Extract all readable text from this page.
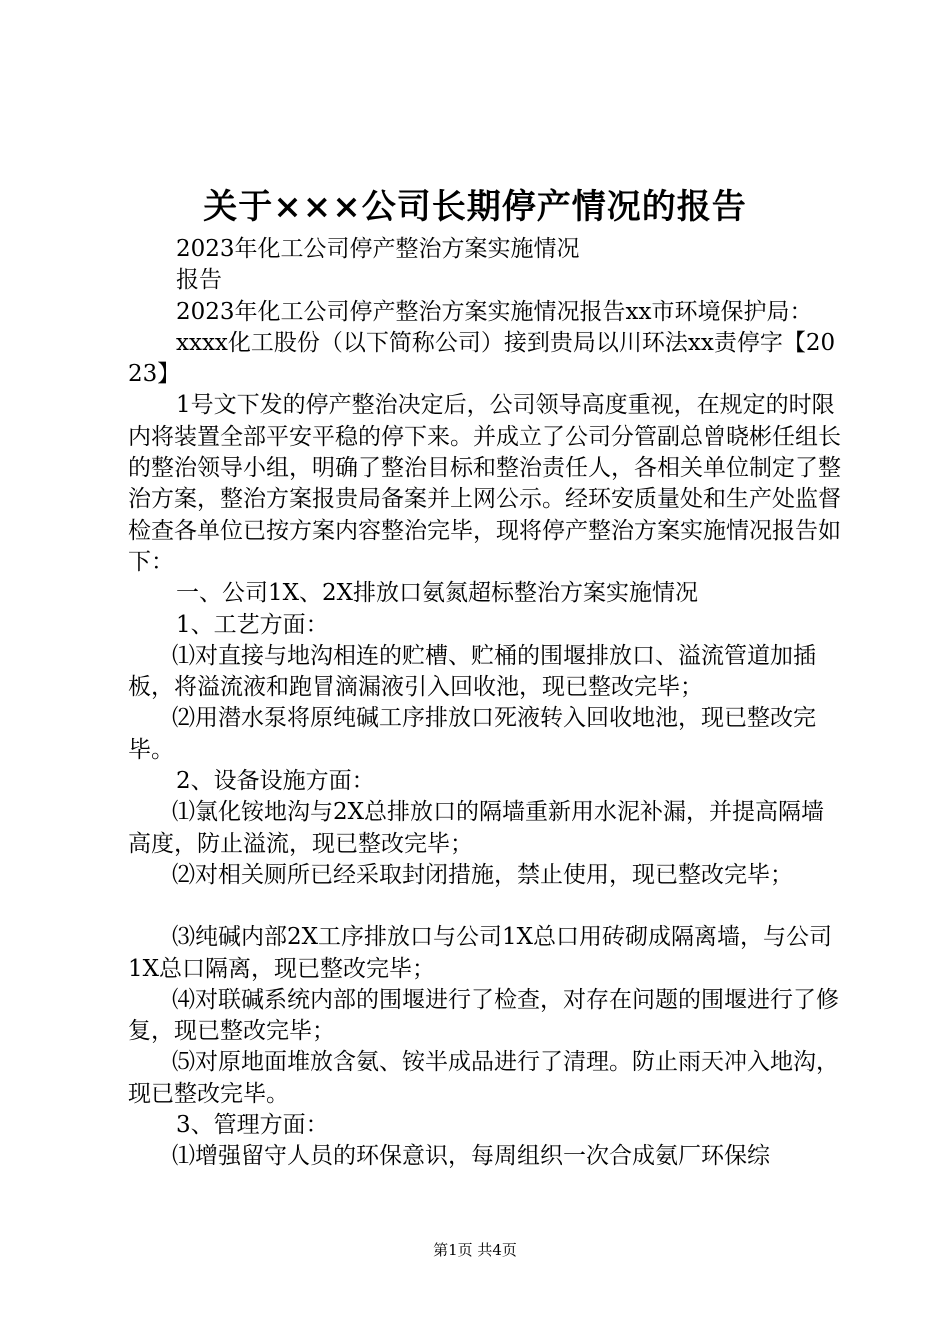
关于×××公司长期停产情况的报告

2023年化工公司停产整治方案实施情况

报告

2023年化工公司停产整治方案实施情况报告xx市环境保护局：

xxxx化工股份（以下简称公司）接到贵局以川环法xx责停字【2023】

1号文下发的停产整治决定后，公司领导高度重视，在规定的时限内将装置全部平安平稳的停下来。并成立了公司分管副总曾晓彬任组长的整治领导小组，明确了整治目标和整治责任人，各相关单位制定了整治方案，整治方案报贵局备案并上网公示。经环安质量处和生产处监督检查各单位已按方案内容整治完毕，现将停产整治方案实施情况报告如下：

一、公司1X、2X排放口氨氮超标整治方案实施情况

1、工艺方面：

⑴对直接与地沟相连的贮槽、贮桶的围堰排放口、溢流管道加插板，将溢流液和跑冒滴漏液引入回收池，现已整改完毕；

⑵用潜水泵将原纯碱工序排放口死液转入回收地池，现已整改完毕。

2、设备设施方面：

⑴氯化铵地沟与2X总排放口的隔墙重新用水泥补漏，并提高隔墙高度，防止溢流，现已整改完毕；

⑵对相关厕所已经采取封闭措施，禁止使用，现已整改完毕；

⑶纯碱内部2X工序排放口与公司1X总口用砖砌成隔离墙，与公司1X总口隔离，现已整改完毕；

⑷对联碱系统内部的围堰进行了检查，对存在问题的围堰进行了修复，现已整改完毕；

⑸对原地面堆放含氨、铵半成品进行了清理。防止雨天冲入地沟，现已整改完毕。

3、管理方面：

⑴增强留守人员的环保意识，每周组织一次合成氨厂环保综

第1页 共4页
